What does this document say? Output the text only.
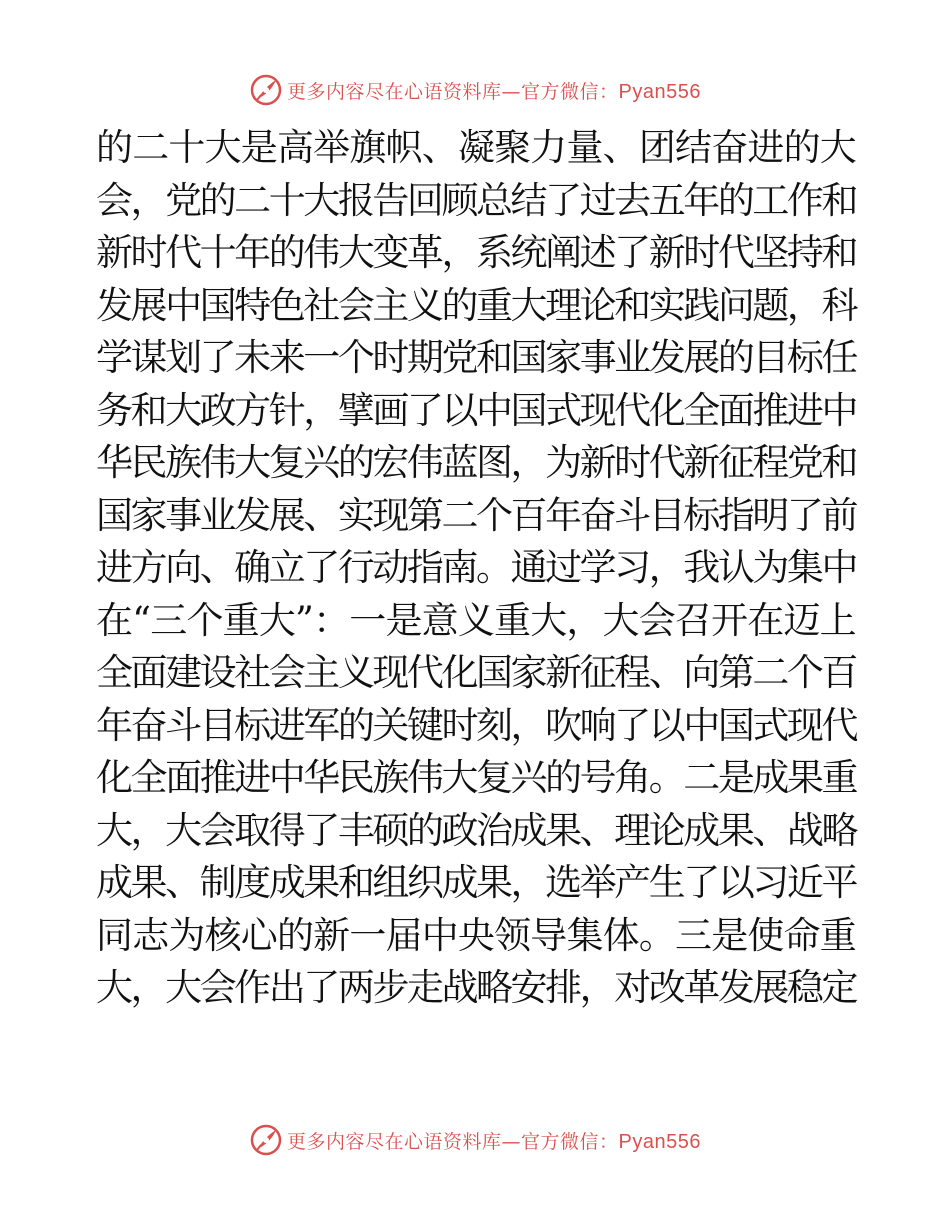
更多内容尽在心语资料库—官方微信：Pyan556
的二十大是高举旗帜、凝聚力量、团结奋进的大
会，党的二十大报告回顾总结了过去五年的工作和
新时代十年的伟大变革，系统阐述了新时代坚持和
发展中国特色社会主义的重大理论和实践问题，科
学谋划了未来一个时期党和国家事业发展的目标任
务和大政方针，擘画了以中国式现代化全面推进中
华民族伟大复兴的宏伟蓝图，为新时代新征程党和
国家事业发展、实现第二个百年奋斗目标指明了前
进方向、确立了行动指南。通过学习，我认为集中
在“三个重大”：一是意义重大，大会召开在迈上
全面建设社会主义现代化国家新征程、向第二个百
年奋斗目标进军的关键时刻，吹响了以中国式现代
化全面推进中华民族伟大复兴的号角。二是成果重
大，大会取得了丰硕的政治成果、理论成果、战略
成果、制度成果和组织成果，选举产生了以习近平
同志为核心的新一届中央领导集体。三是使命重
大，大会作出了两步走战略安排，对改革发展稳定
更多内容尽在心语资料库—官方微信：Pyan556
